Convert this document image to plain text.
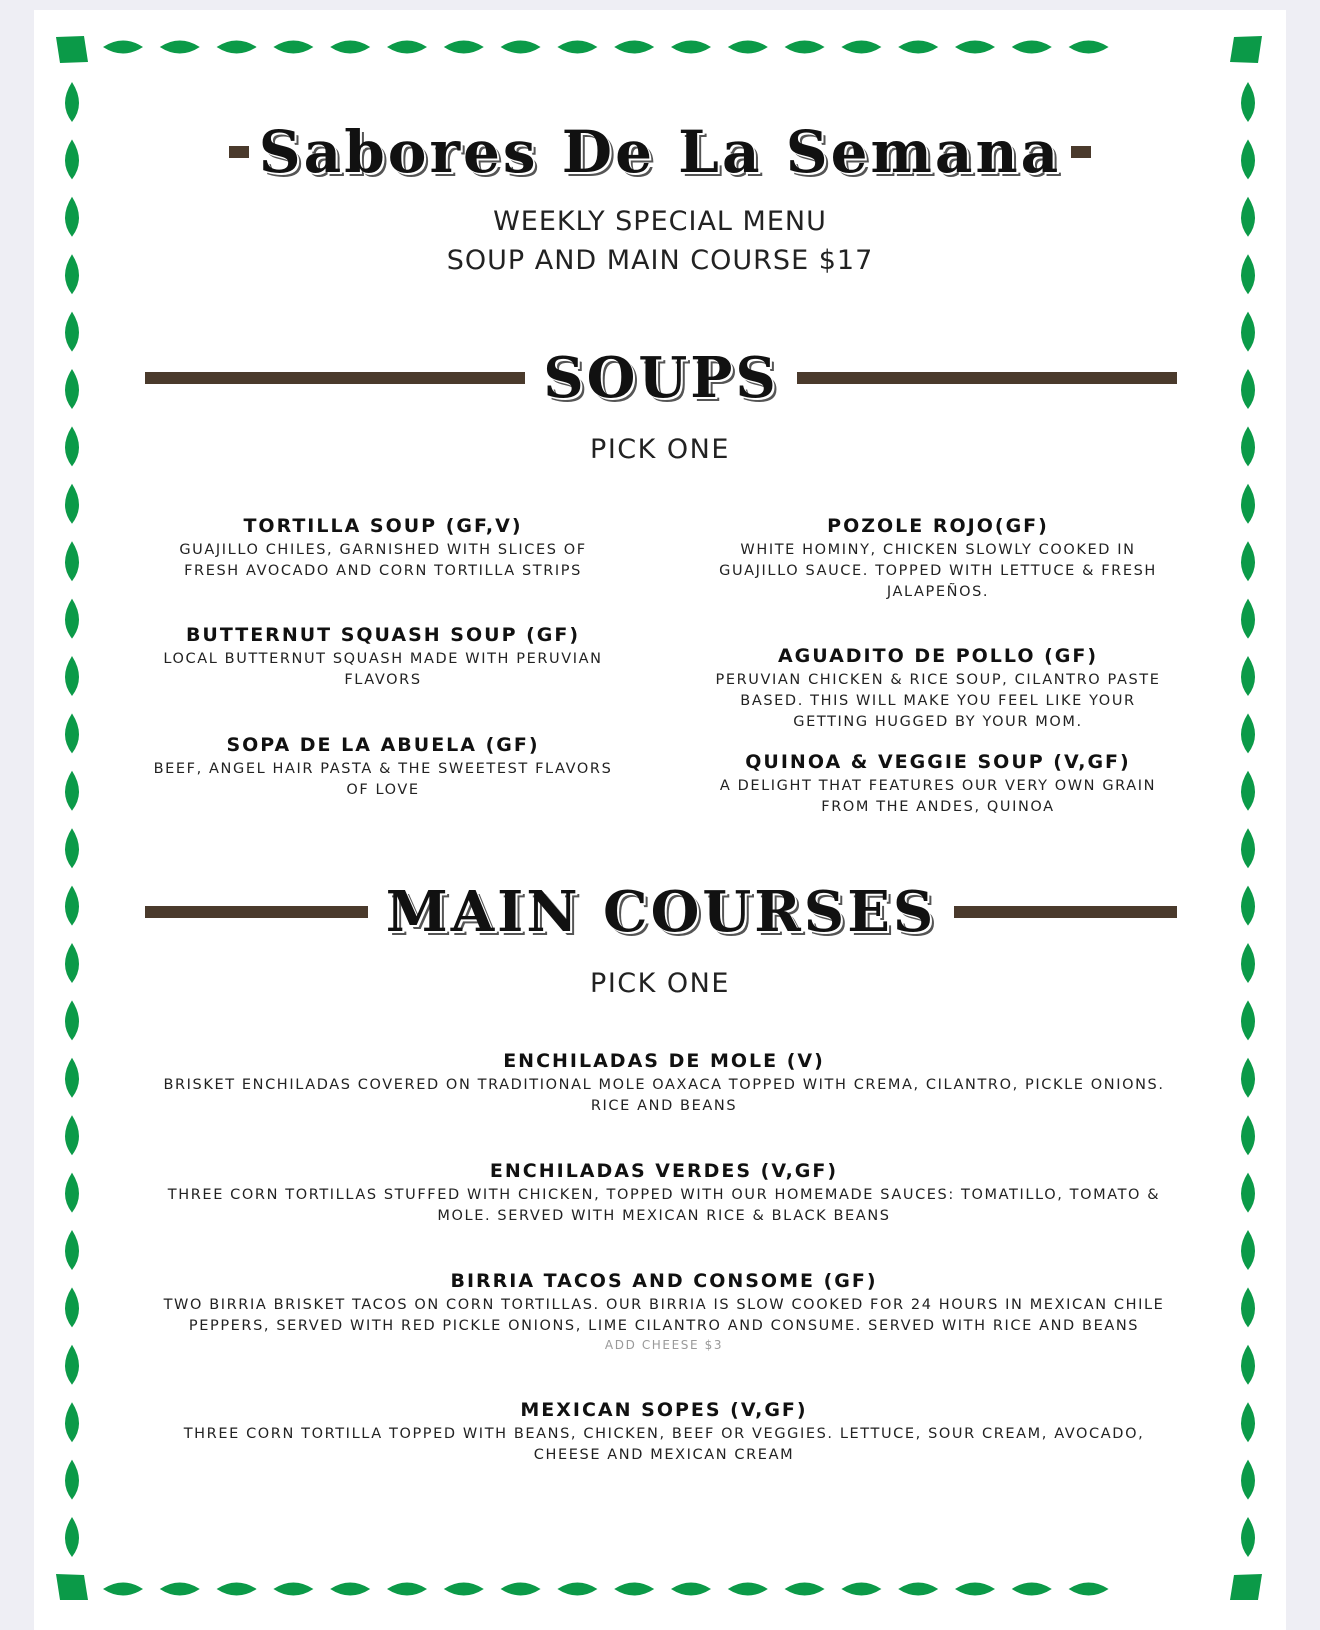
Sabores De La Semana
WEEKLY SPECIAL MENU
SOUP AND MAIN COURSE $17
SOUPS
PICK ONE
TORTILLA SOUP (GF,V)
GUAJILLO CHILES, GARNISHED WITH SLICES OF FRESH AVOCADO AND CORN TORTILLA STRIPS
POZOLE ROJO(GF)
WHITE HOMINY, CHICKEN SLOWLY COOKED IN GUAJILLO SAUCE. TOPPED WITH LETTUCE & FRESH JALAPEÑOS.
BUTTERNUT SQUASH SOUP (GF)
LOCAL BUTTERNUT SQUASH MADE WITH PERUVIAN FLAVORS
AGUADITO DE POLLO (GF)
PERUVIAN CHICKEN & RICE SOUP, CILANTRO PASTE BASED. THIS WILL MAKE YOU FEEL LIKE YOUR GETTING HUGGED BY YOUR MOM.
SOPA DE LA ABUELA (GF)
BEEF, ANGEL HAIR PASTA & THE SWEETEST FLAVORS OF LOVE
QUINOA & VEGGIE SOUP (V,GF)
A DELIGHT THAT FEATURES OUR VERY OWN GRAIN FROM THE ANDES, QUINOA
MAIN COURSES
PICK ONE
ENCHILADAS DE MOLE (V)
BRISKET ENCHILADAS COVERED ON TRADITIONAL MOLE OAXACA TOPPED WITH CREMA, CILANTRO, PICKLE ONIONS. RICE AND BEANS
ENCHILADAS VERDES (V,GF)
THREE CORN TORTILLAS STUFFED WITH CHICKEN, TOPPED WITH OUR HOMEMADE SAUCES: TOMATILLO, TOMATO & MOLE. SERVED WITH MEXICAN RICE & BLACK BEANS
BIRRIA TACOS AND CONSOME (GF)
TWO BIRRIA BRISKET TACOS ON CORN TORTILLAS. OUR BIRRIA IS SLOW COOKED FOR 24 HOURS IN MEXICAN CHILE PEPPERS, SERVED WITH RED PICKLE ONIONS, LIME CILANTRO AND CONSUME. SERVED WITH RICE AND BEANS
ADD CHEESE $3
MEXICAN SOPES (V,GF)
THREE CORN TORTILLA TOPPED WITH BEANS, CHICKEN, BEEF OR VEGGIES. LETTUCE, SOUR CREAM, AVOCADO, CHEESE AND MEXICAN CREAM
